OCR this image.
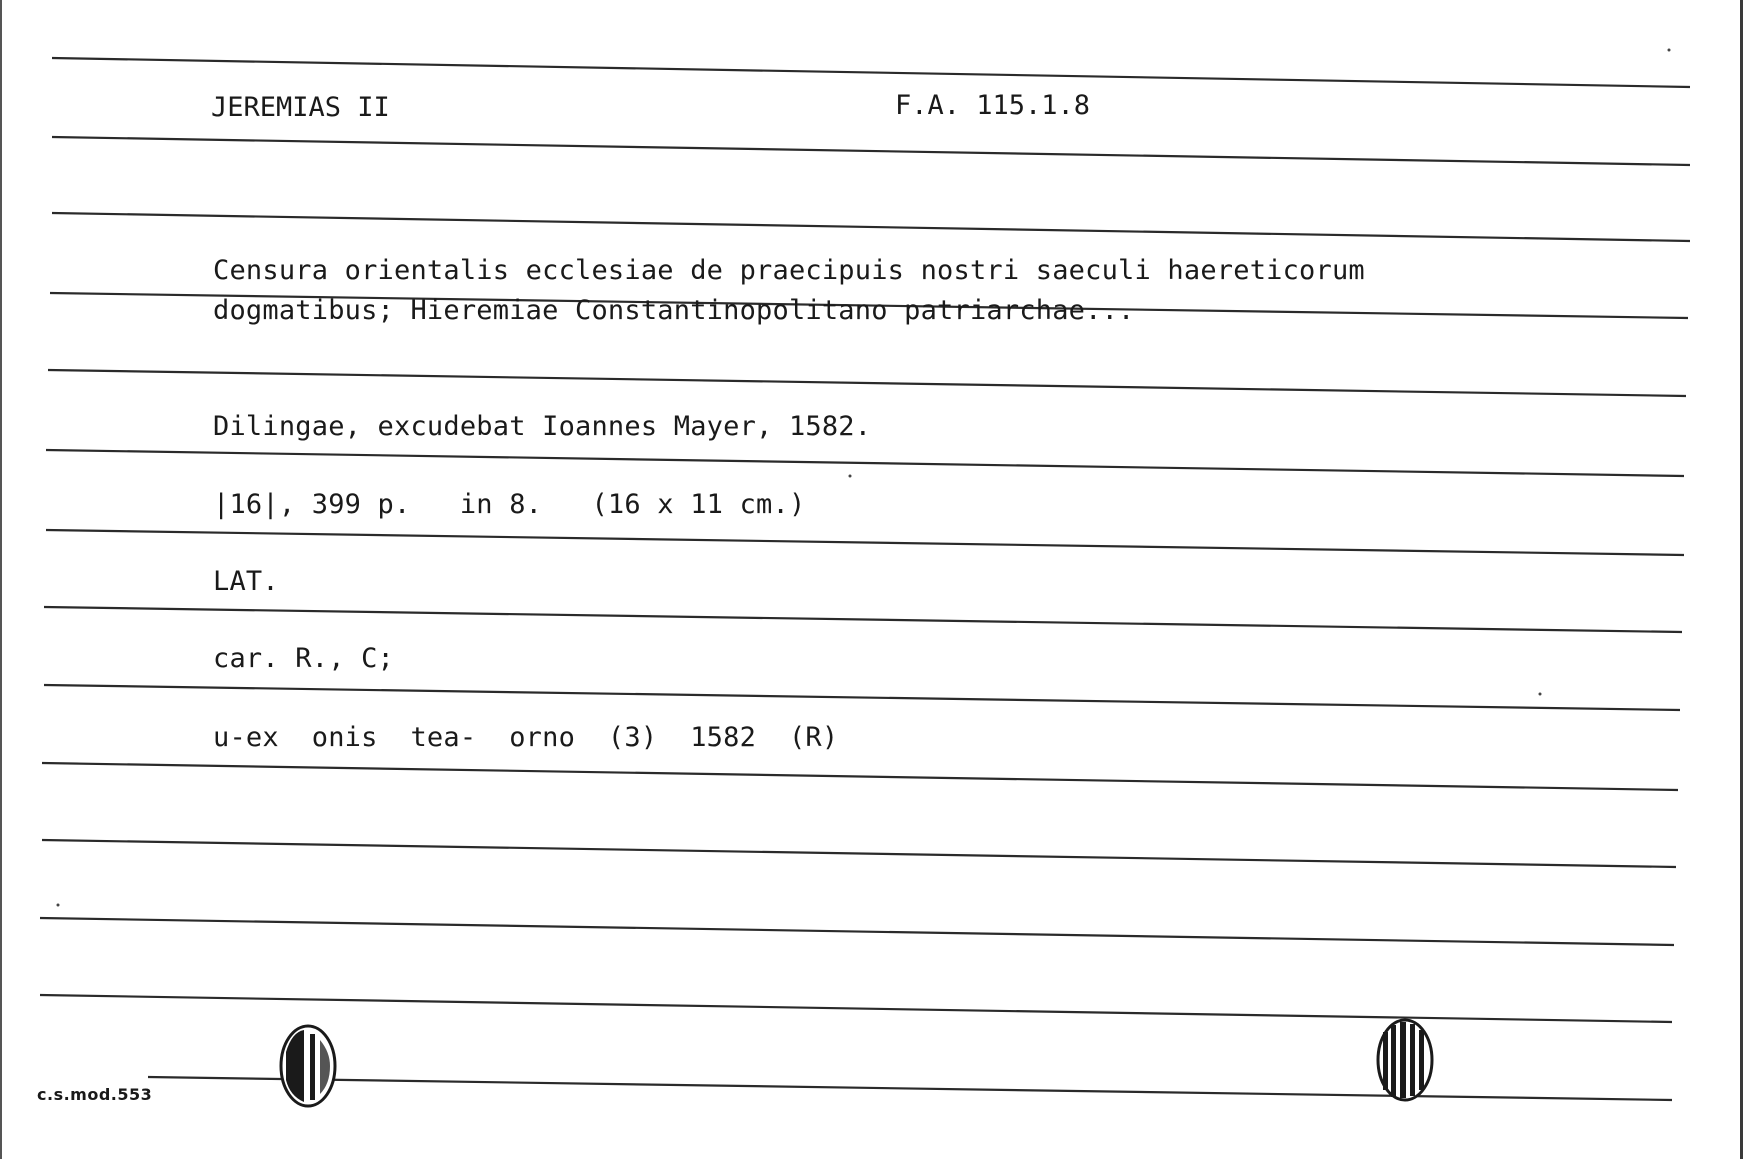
JEREMIAS II	F.A. 115.1.8
Censura orientalis ecclesiae de praecipuis nostri saeculi haereticorum
dogmatibus; Hieremiae Constantinopolitano patriarchae...
Dilingae, excudebat Ioannes Mayer, 1582.
|16|, 399 p.   in 8.   (16 x 11 cm.)
LAT.
car. R., C;
u-ex  onis  tea-  orno  (3)  1582  (R)
c.s.mod.553
